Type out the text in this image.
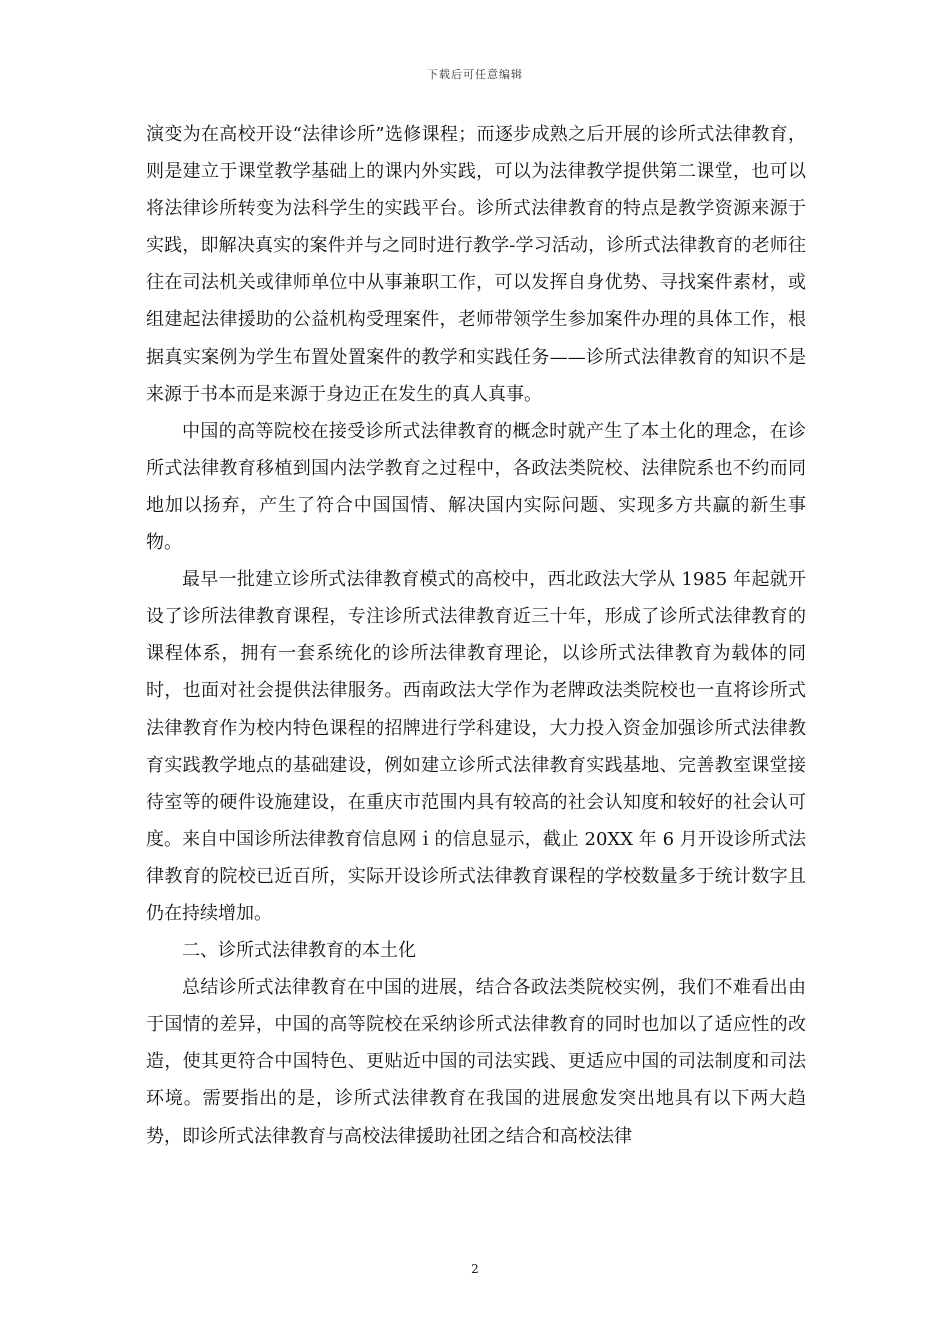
下载后可任意编辑

演变为在高校开设“法律诊所”选修课程；而逐步成熟之后开展的诊所式法律教育，则是建立于课堂教学基础上的课内外实践，可以为法律教学提供第二课堂，也可以将法律诊所转变为法科学生的实践平台。诊所式法律教育的特点是教学资源来源于实践，即解决真实的案件并与之同时进行教学-学习活动，诊所式法律教育的老师往往在司法机关或律师单位中从事兼职工作，可以发挥自身优势、寻找案件素材，或组建起法律援助的公益机构受理案件，老师带领学生参加案件办理的具体工作，根据真实案例为学生布置处置案件的教学和实践任务——诊所式法律教育的知识不是来源于书本而是来源于身边正在发生的真人真事。

中国的高等院校在接受诊所式法律教育的概念时就产生了本土化的理念，在诊所式法律教育移植到国内法学教育之过程中，各政法类院校、法律院系也不约而同地加以扬弃，产生了符合中国国情、解决国内实际问题、实现多方共赢的新生事物。

最早一批建立诊所式法律教育模式的高校中，西北政法大学从 1985 年起就开设了诊所法律教育课程，专注诊所式法律教育近三十年，形成了诊所式法律教育的课程体系，拥有一套系统化的诊所法律教育理论，以诊所式法律教育为载体的同时，也面对社会提供法律服务。西南政法大学作为老牌政法类院校也一直将诊所式法律教育作为校内特色课程的招牌进行学科建设，大力投入资金加强诊所式法律教育实践教学地点的基础建设，例如建立诊所式法律教育实践基地、完善教室课堂接待室等的硬件设施建设，在重庆市范围内具有较高的社会认知度和较好的社会认可度。来自中国诊所法律教育信息网ｉ的信息显示，截止 20XX 年 6 月开设诊所式法律教育的院校已近百所，实际开设诊所式法律教育课程的学校数量多于统计数字且仍在持续增加。

二、诊所式法律教育的本土化

总结诊所式法律教育在中国的进展，结合各政法类院校实例，我们不难看出由于国情的差异，中国的高等院校在采纳诊所式法律教育的同时也加以了适应性的改造，使其更符合中国特色、更贴近中国的司法实践、更适应中国的司法制度和司法环境。需要指出的是，诊所式法律教育在我国的进展愈发突出地具有以下两大趋势，即诊所式法律教育与高校法律援助社团之结合和高校法律

2
